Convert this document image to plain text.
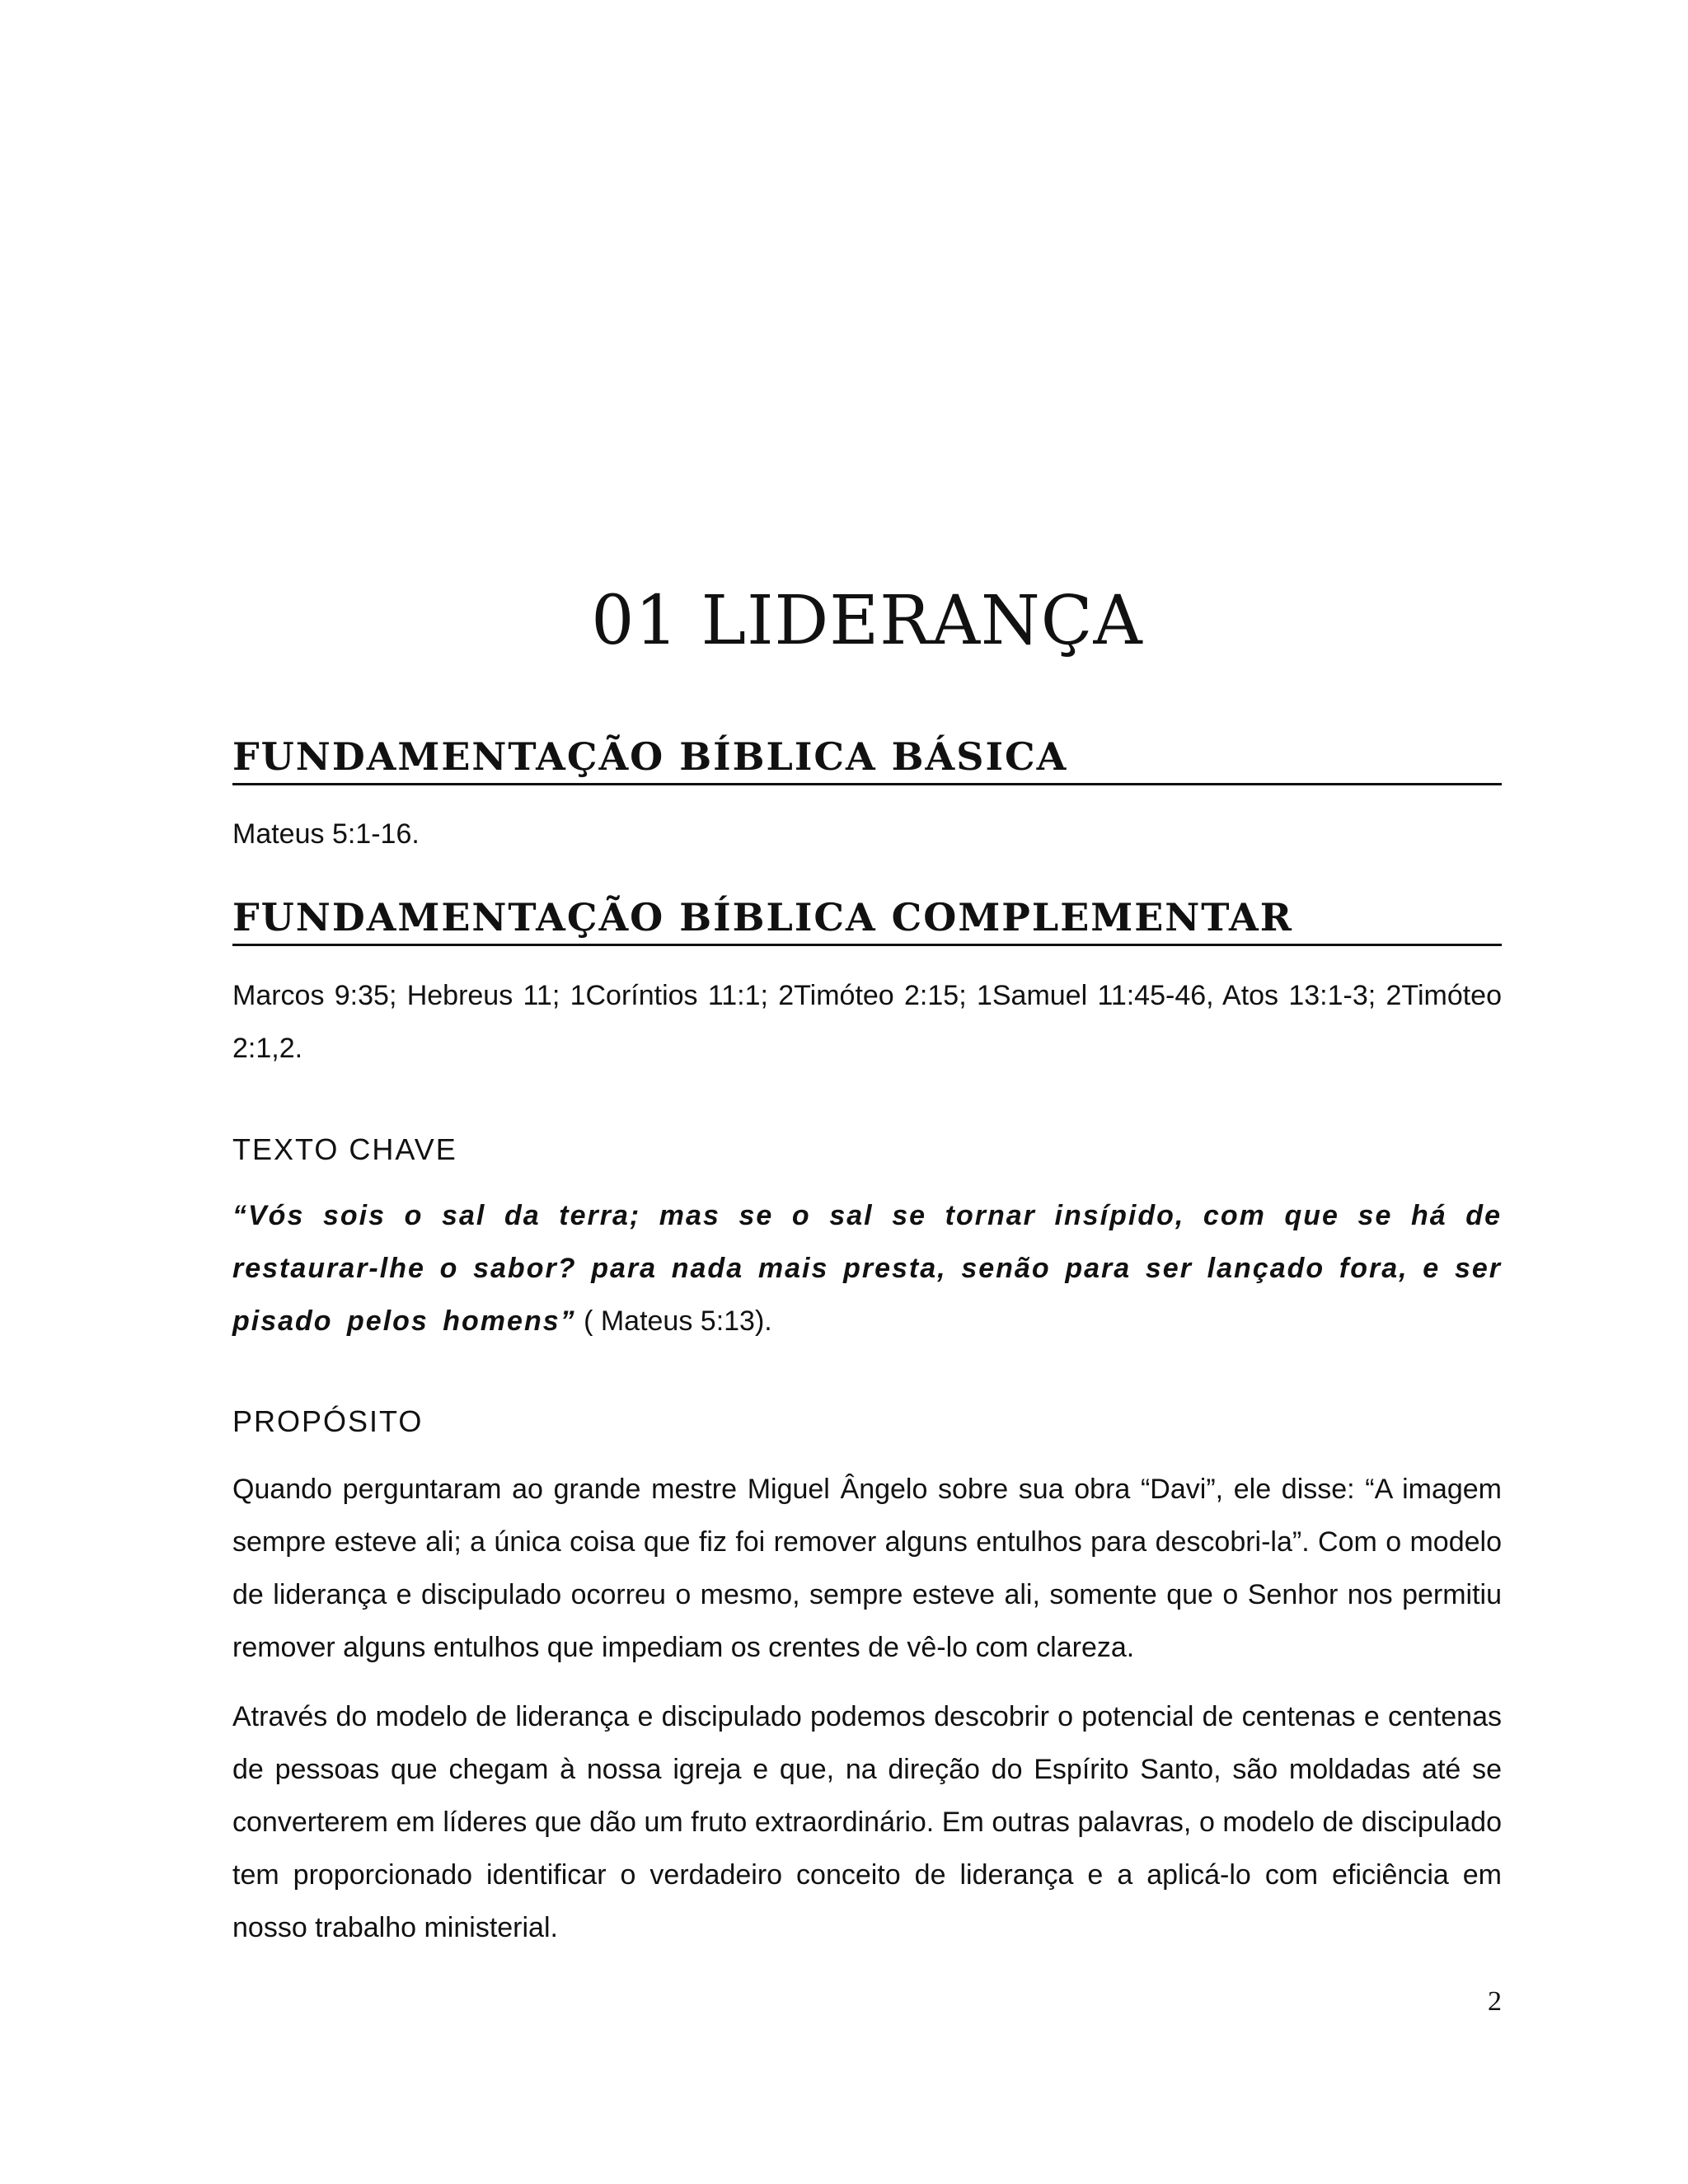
01 LIDERANÇA
FUNDAMENTAÇÃO BÍBLICA BÁSICA

Mateus 5:1-16.

FUNDAMENTAÇÃO BÍBLICA COMPLEMENTAR

Marcos 9:35; Hebreus 11; 1Coríntios 11:1; 2Timóteo 2:15; 1Samuel 11:45-46, Atos 13:1-3; 2Timóteo 2:1,2.

TEXTO CHAVE

“Vós sois o sal da terra; mas se o sal se tornar insípido, com que se há de restaurar-lhe o sabor? para nada mais presta, senão para ser lançado fora, e ser pisado pelos homens” ( Mateus 5:13).

PROPÓSITO

Quando perguntaram ao grande mestre Miguel Ângelo sobre sua obra “Davi”, ele disse: “A imagem sempre esteve ali; a única coisa que fiz foi remover alguns entulhos para descobri-la”. Com o modelo de liderança e discipulado ocorreu o mesmo, sempre esteve ali, somente que o Senhor nos permitiu remover alguns entulhos que impediam os crentes de vê-lo com clareza.

Através do modelo de liderança e discipulado podemos descobrir o potencial de centenas e centenas de pessoas que chegam à nossa igreja e que, na direção do Espírito Santo, são moldadas até se converterem em líderes que dão um fruto extraordinário. Em outras palavras, o modelo de discipulado tem proporcionado identificar o verdadeiro conceito de liderança e a aplicá-lo com eficiência em nosso trabalho ministerial.

2
